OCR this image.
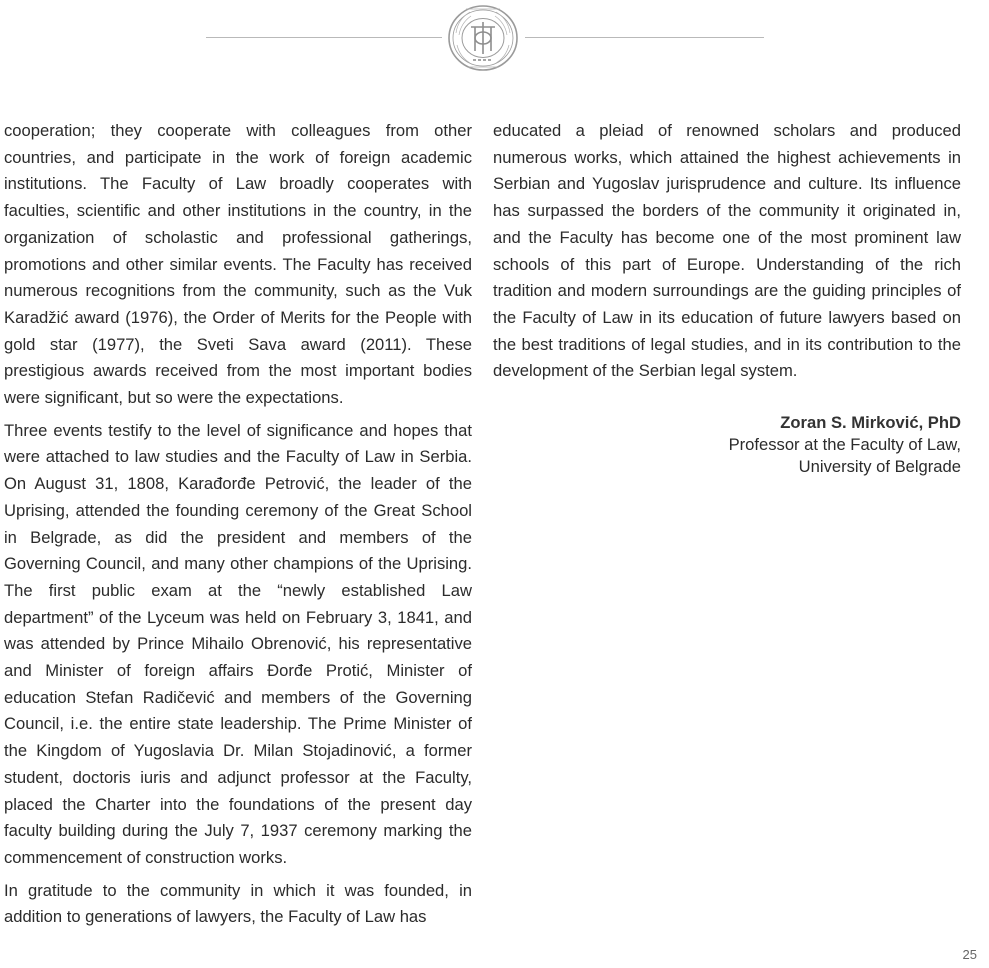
cooperation; they cooperate with colleagues from other countries, and participate in the work of foreign academic institutions. The Faculty of Law broadly cooperates with faculties, scientific and other institutions in the country, in the organization of scholastic and professional gatherings, promotions and other similar events. The Faculty has received numerous recognitions from the community, such as the Vuk Karadžić award (1976), the Order of Merits for the People with gold star (1977), the Sveti Sava award (2011). These prestigious awards received from the most important bodies were significant, but so were the expectations.

Three events testify to the level of significance and hopes that were attached to law studies and the Faculty of Law in Serbia. On August 31, 1808, Karađorđe Petrović, the leader of the Uprising, attended the founding ceremony of the Great School in Belgrade, as did the president and members of the Governing Council, and many other champions of the Uprising. The first public exam at the “newly established Law department” of the Lyceum was held on February 3, 1841, and was attended by Prince Mihailo Obrenović, his representative and Minister of foreign affairs Đorđe Protić, Minister of education Stefan Radičević and members of the Governing Council, i.e. the entire state leadership. The Prime Minister of the Kingdom of Yugoslavia Dr. Milan Stojadinović, a former student, doctoris iuris and adjunct professor at the Faculty, placed the Charter into the foundations of the present day faculty building during the July 7, 1937 ceremony marking the commencement of construction works.

In gratitude to the community in which it was founded, in addition to generations of lawyers, the Faculty of Law has

educated a pleiad of renowned scholars and produced numerous works, which attained the highest achievements in Serbian and Yugoslav jurisprudence and culture. Its influence has surpassed the borders of the community it originated in, and the Faculty has become one of the most prominent law schools of this part of Europe. Understanding of the rich tradition and modern surroundings are the guiding principles of the Faculty of Law in its education of future lawyers based on the best traditions of legal studies, and in its contribution to the development of the Serbian legal system.

Zoran S. Mirković, PhD
Professor at the Faculty of Law,
University of Belgrade
25
